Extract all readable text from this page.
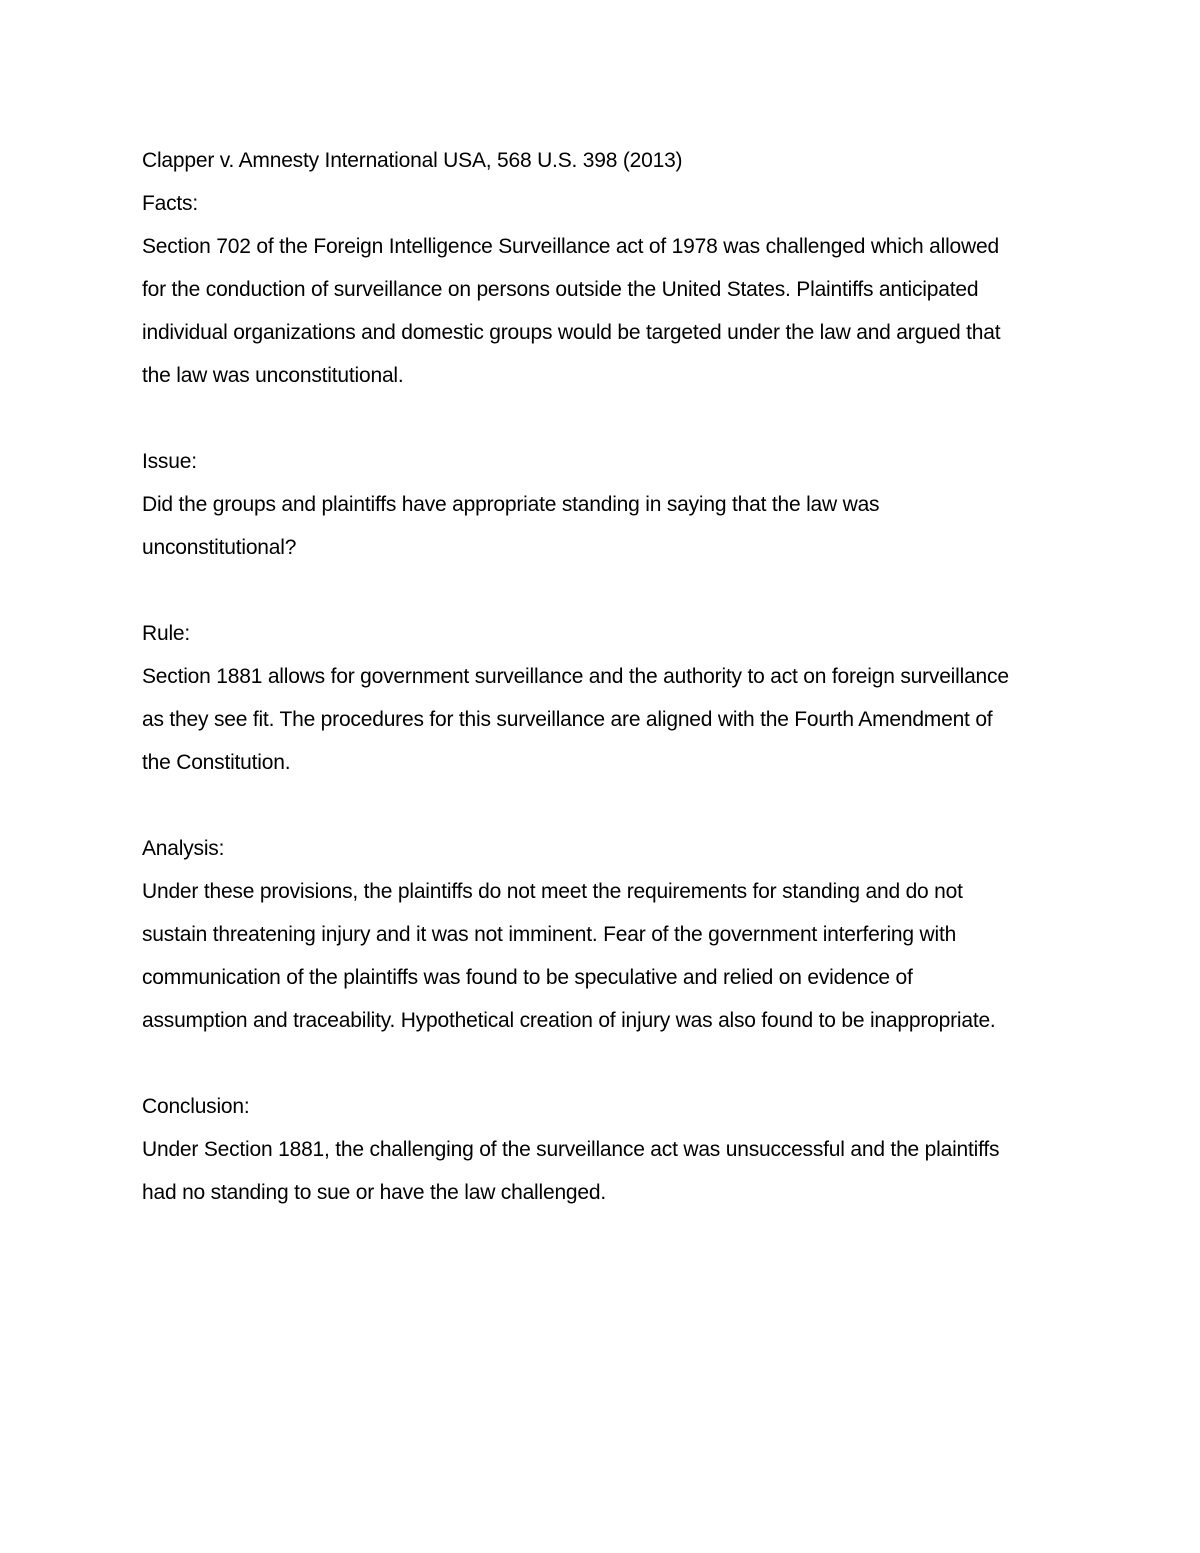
Clapper v. Amnesty International USA, 568 U.S. 398 (2013)
Facts:
Section 702 of the Foreign Intelligence Surveillance act of 1978 was challenged which allowed
for the conduction of surveillance on persons outside the United States. Plaintiffs anticipated
individual organizations and domestic groups would be targeted under the law and argued that
the law was unconstitutional.
Issue:
Did the groups and plaintiffs have appropriate standing in saying that the law was
unconstitutional?
Rule:
Section 1881 allows for government surveillance and the authority to act on foreign surveillance
as they see fit. The procedures for this surveillance are aligned with the Fourth Amendment of
the Constitution.
Analysis:
Under these provisions, the plaintiffs do not meet the requirements for standing and do not
sustain threatening injury and it was not imminent. Fear of the government interfering with
communication of the plaintiffs was found to be speculative and relied on evidence of
assumption and traceability. Hypothetical creation of injury was also found to be inappropriate.
Conclusion:
Under Section 1881, the challenging of the surveillance act was unsuccessful and the plaintiffs
had no standing to sue or have the law challenged.
